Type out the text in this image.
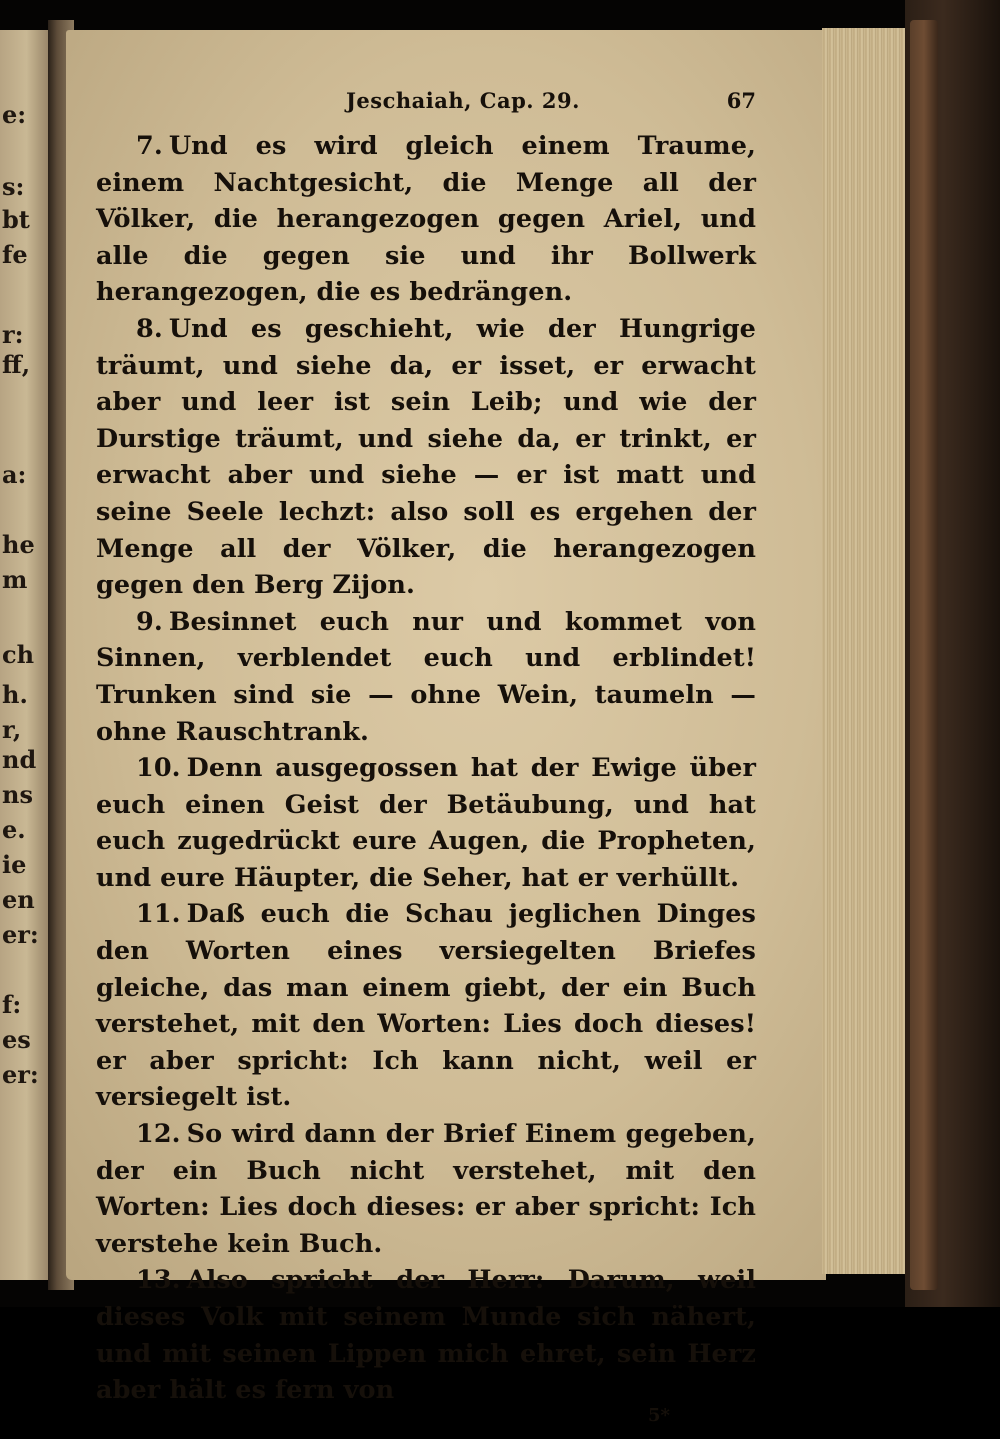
e:
s:
bt
fe
r:
ff,
a:
he
m
ch
h.
r,
nd
ns
e.
ie
en
er:
f:
es
er:
Jeschaiah, Cap. 29.	67

7. Und es wird gleich einem Traume, einem Nachtgesicht, die Menge all der Völker, die herangezogen gegen Ariel, und alle die gegen sie und ihr Bollwerk herangezogen, die es bedrängen.

8. Und es geschieht, wie der Hungrige träumt, und siehe da, er isset, er erwacht aber und leer ist sein Leib; und wie der Durstige träumt, und siehe da, er trinkt, er erwacht aber und siehe — er ist matt und seine Seele lechzt: also soll es ergehen der Menge all der Völker, die herangezogen gegen den Berg Zijon.

9. Besinnet euch nur und kommet von Sinnen, verblendet euch und erblindet! Trunken sind sie — ohne Wein, taumeln — ohne Rauschtrank.

10. Denn ausgegossen hat der Ewige über euch einen Geist der Betäubung, und hat euch zugedrückt eure Augen, die Propheten, und eure Häupter, die Seher, hat er verhüllt.

11. Daß euch die Schau jeglichen Dinges den Worten eines versiegelten Briefes gleiche, das man einem giebt, der ein Buch verstehet, mit den Worten: Lies doch dieses! er aber spricht: Ich kann nicht, weil er versiegelt ist.

12. So wird dann der Brief Einem gegeben, der ein Buch nicht verstehet, mit den Worten: Lies doch dieses: er aber spricht: Ich verstehe kein Buch.

13. Also spricht der Herr: Darum, weil dieses Volk mit seinem Munde sich nähert, und mit seinen Lippen mich ehret, sein Herz aber hält es fern von

5*
